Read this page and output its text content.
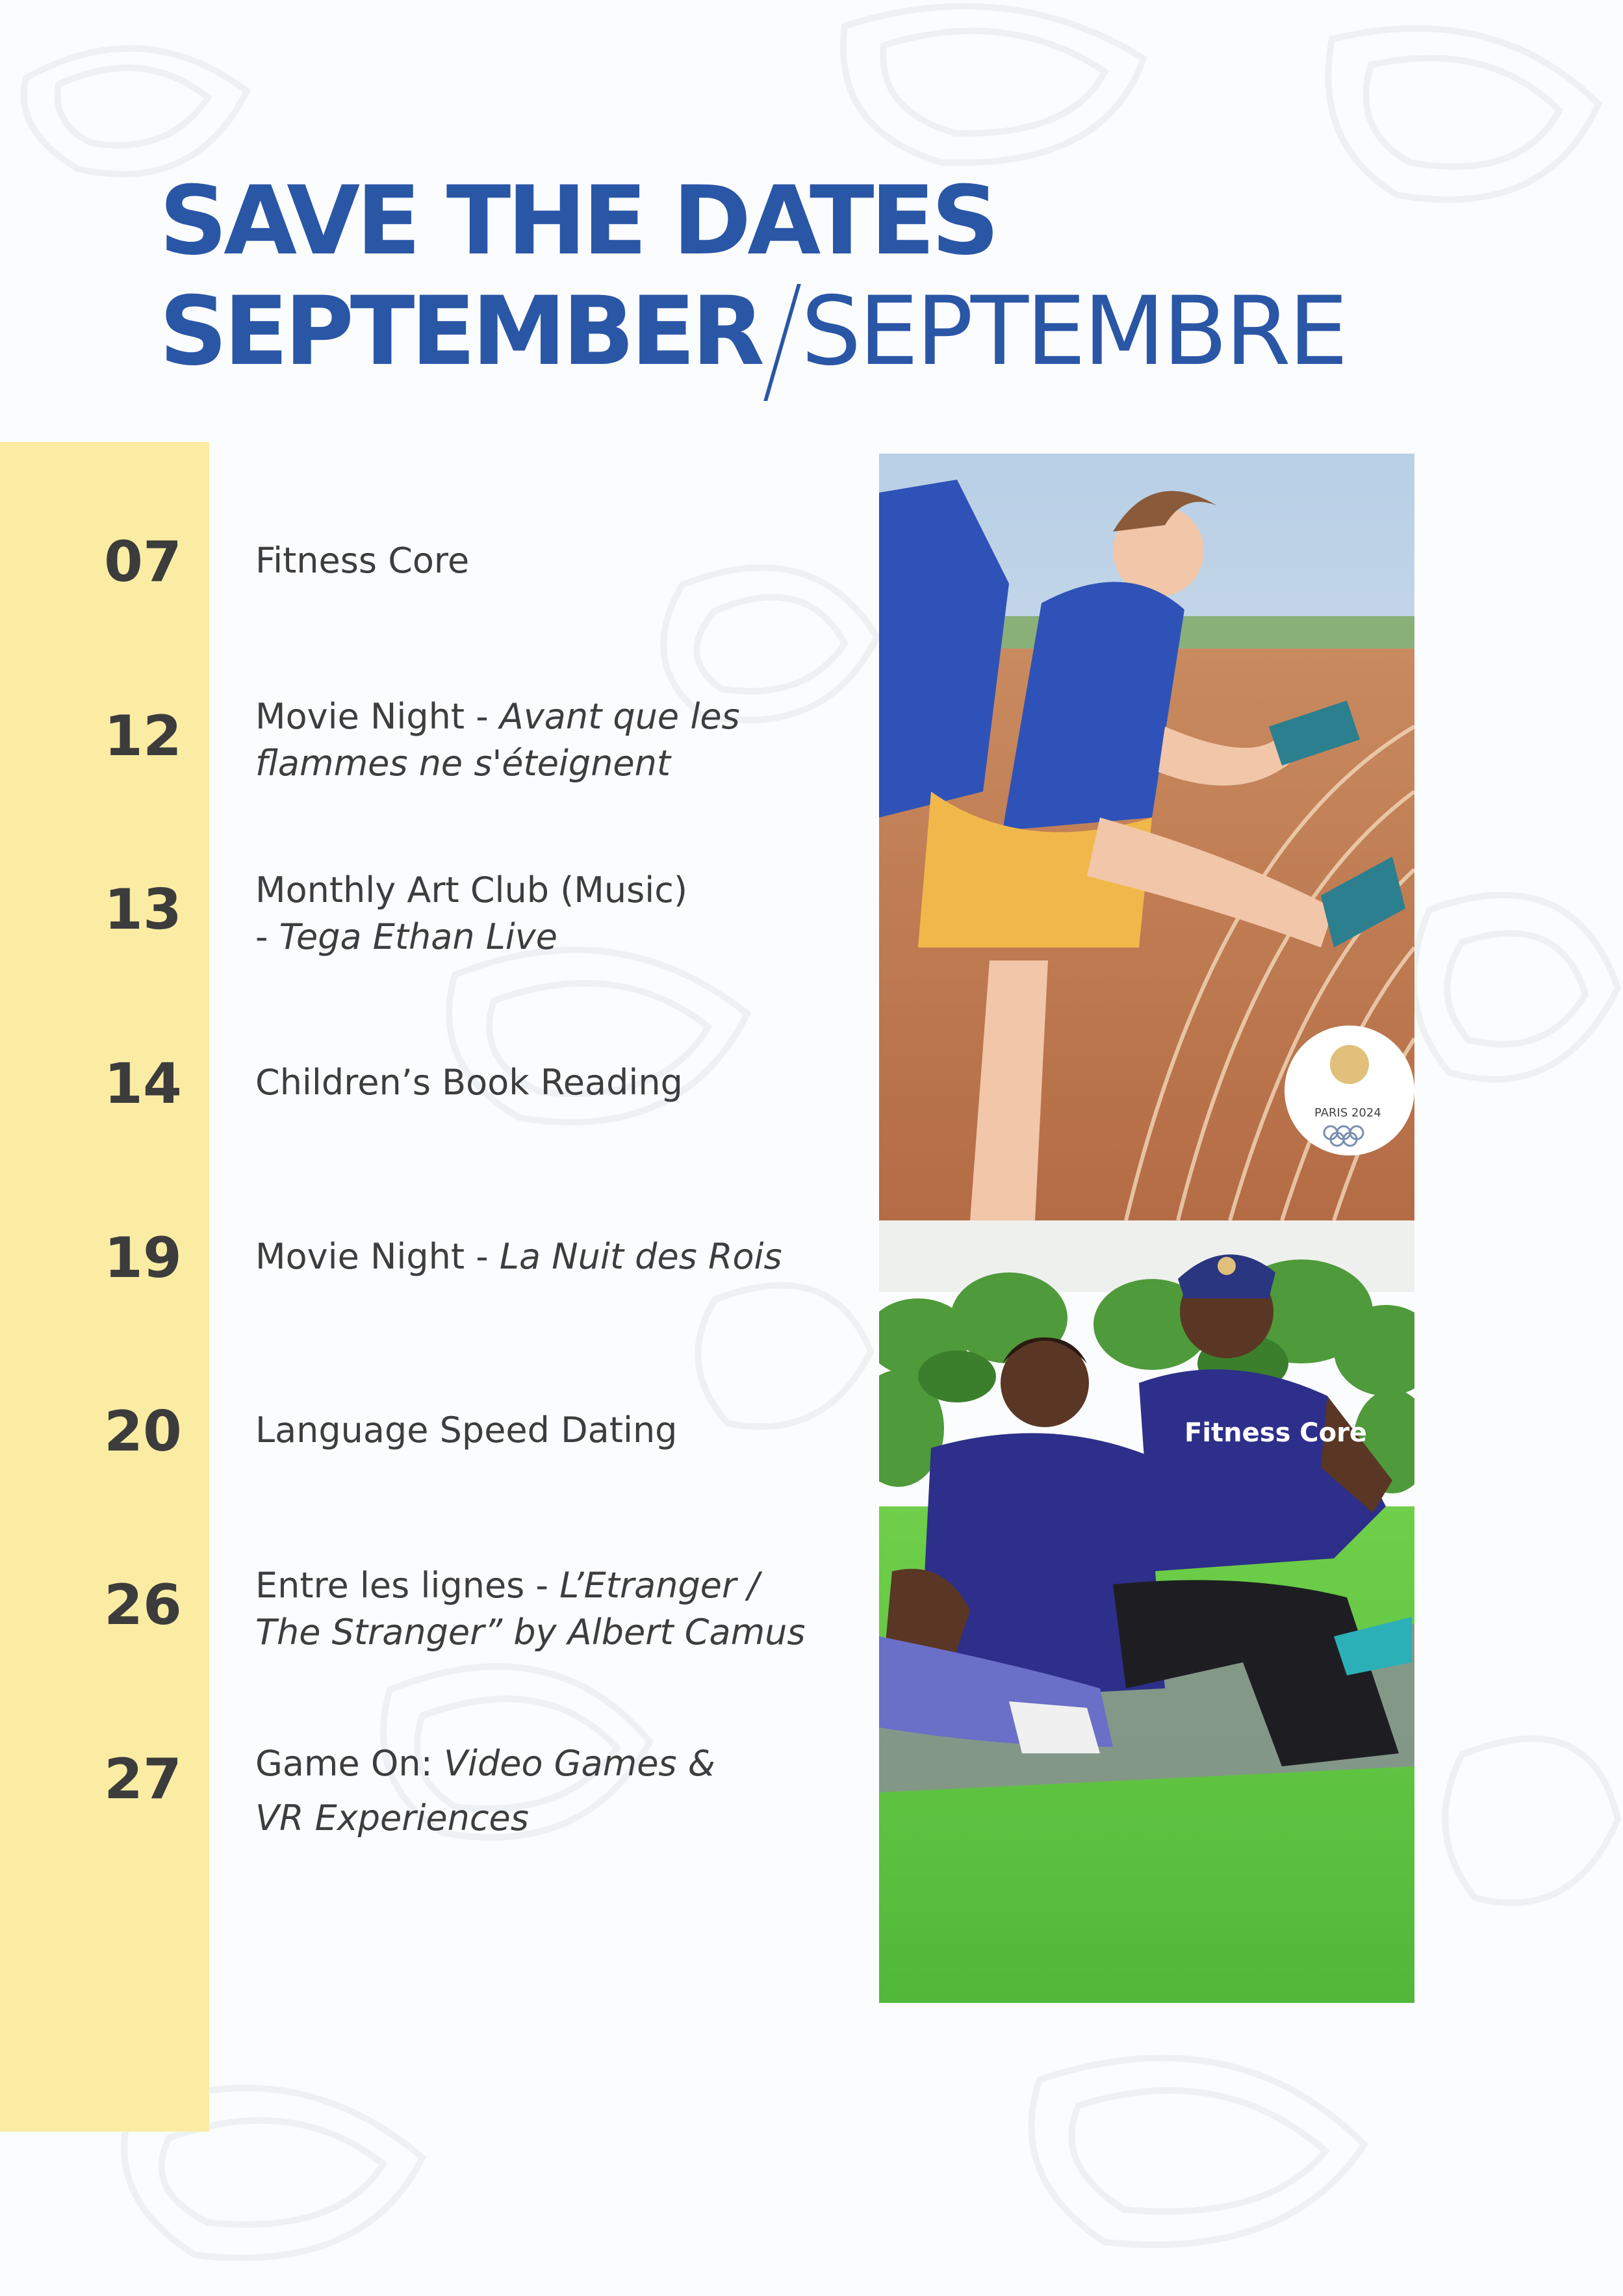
SAVE THE DATES
SEPTEMBER SEPTEMBRE
07	Fitness Core
12	Movie Night - Avant que les
flammes ne s'éteignent
13	Monthly Art Club (Music)
- Tega Ethan Live
14	Children’s Book Reading
19	Movie Night - La Nuit des Rois
20	Language Speed Dating
26	Entre les lignes - L’Etranger /
The Stranger” by Albert Camus
27	Game On: Video Games &
VR Experiences
PARIS 2024
Fitness Core
